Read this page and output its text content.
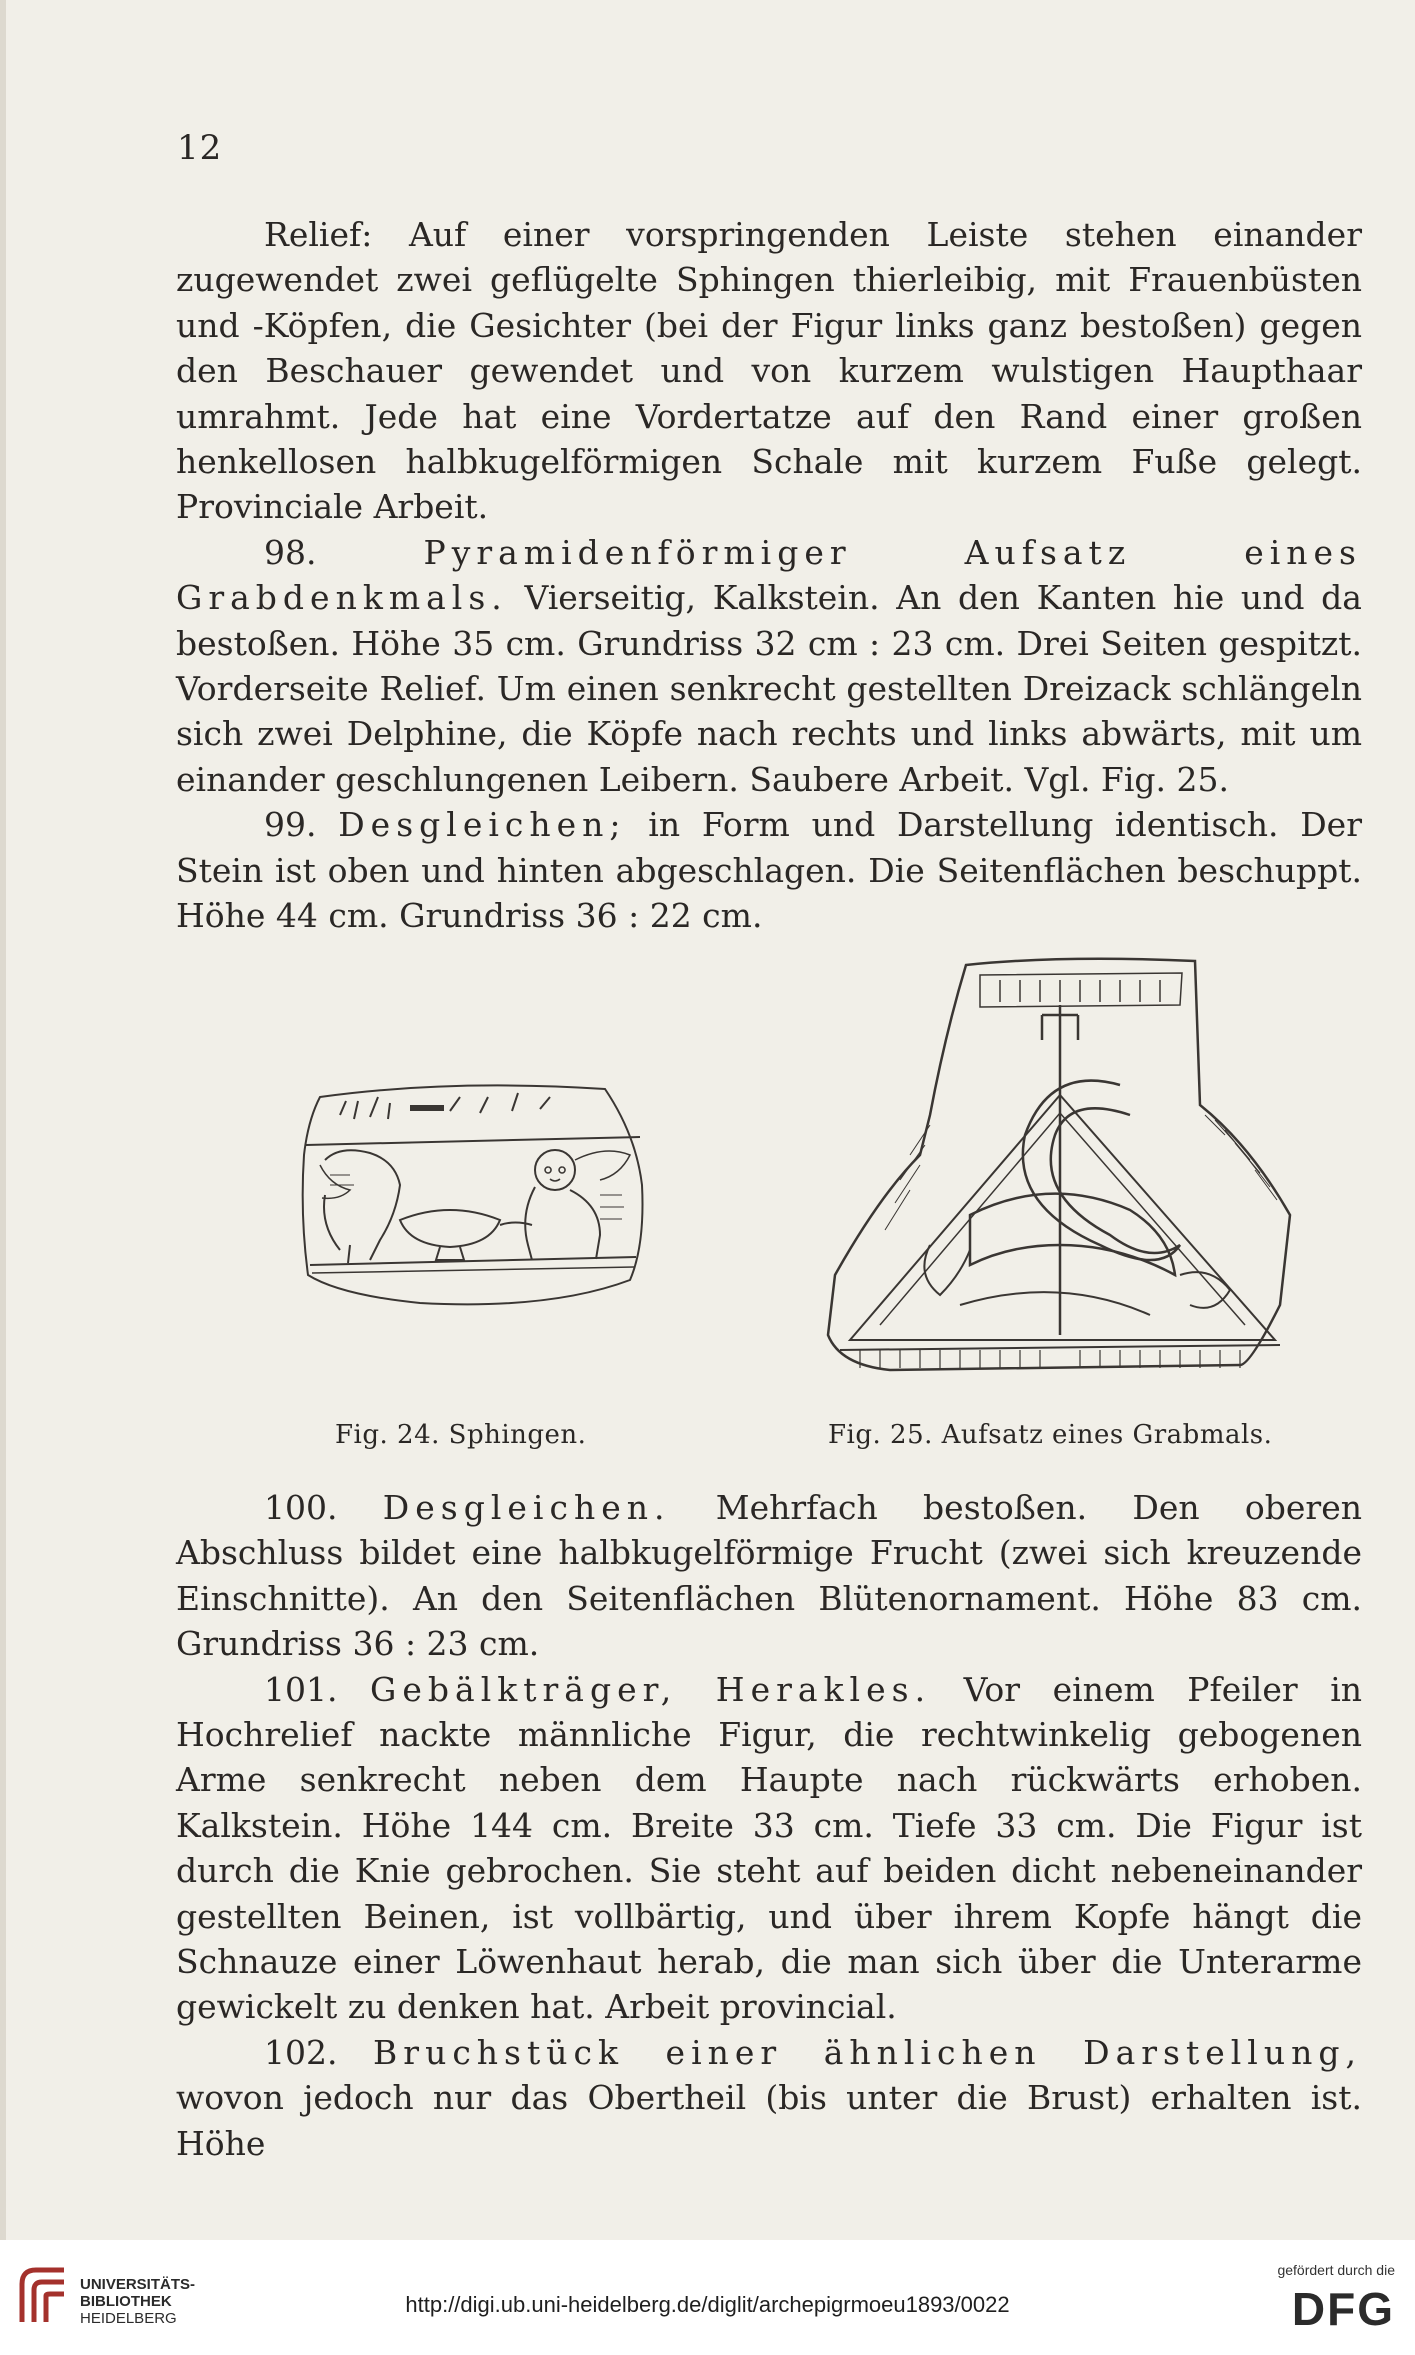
12

Relief: Auf einer vorspringenden Leiste stehen einander zugewendet zwei geflügelte Sphingen thierleibig, mit Frauenbüsten und -Köpfen, die Gesichter (bei der Figur links ganz bestoßen) gegen den Beschauer gewendet und von kurzem wulstigen Haupthaar umrahmt. Jede hat eine Vordertatze auf den Rand einer großen henkellosen halbkugelförmigen Schale mit kurzem Fuße gelegt. Provinciale Arbeit.

98.	Pyramidenförmiger Aufsatz eines Grabdenkmals. Vierseitig, Kalkstein. An den Kanten hie und da bestoßen. Höhe 35 cm. Grundriss 32 cm : 23 cm. Drei Seiten gespitzt. Vorderseite Relief. Um einen senkrecht gestellten Dreizack schlängeln sich zwei Delphine, die Köpfe nach rechts und links abwärts, mit um einander geschlungenen Leibern. Saubere Arbeit. Vgl. Fig. 25.

99. Desgleichen; in Form und Darstellung identisch. Der Stein ist oben und hinten abgeschlagen. Die Seitenflächen beschuppt. Höhe 44 cm. Grundriss 36 : 22 cm.

Fig. 24. Sphingen.	Fig. 25. Aufsatz eines Grabmals.

100. Desgleichen. Mehrfach bestoßen. Den oberen Abschluss bildet eine halbkugelförmige Frucht (zwei sich kreuzende Einschnitte). An den Seitenflächen Blütenornament. Höhe 83 cm. Grundriss 36 : 23 cm.

101. Gebälkträger, Herakles. Vor einem Pfeiler in Hochrelief nackte männliche Figur, die rechtwinkelig gebogenen Arme senkrecht neben dem Haupte nach rückwärts erhoben. Kalkstein. Höhe 144 cm. Breite 33 cm. Tiefe 33 cm. Die Figur ist durch die Knie gebrochen. Sie steht auf beiden dicht nebeneinander gestellten Beinen, ist vollbärtig, und über ihrem Kopfe hängt die Schnauze einer Löwenhaut herab, die man sich über die Unterarme gewickelt zu denken hat. Arbeit provincial.

102. Bruchstück einer ähnlichen Darstellung, wovon jedoch nur das Obertheil (bis unter die Brust) erhalten ist. Höhe

UNIVERSITÄTS-
BIBLIOTHEK
HEIDELBERG
http://digi.ub.uni-heidelberg.de/diglit/archepigrmoeu1893/0022
gefördert durch die
DFG
